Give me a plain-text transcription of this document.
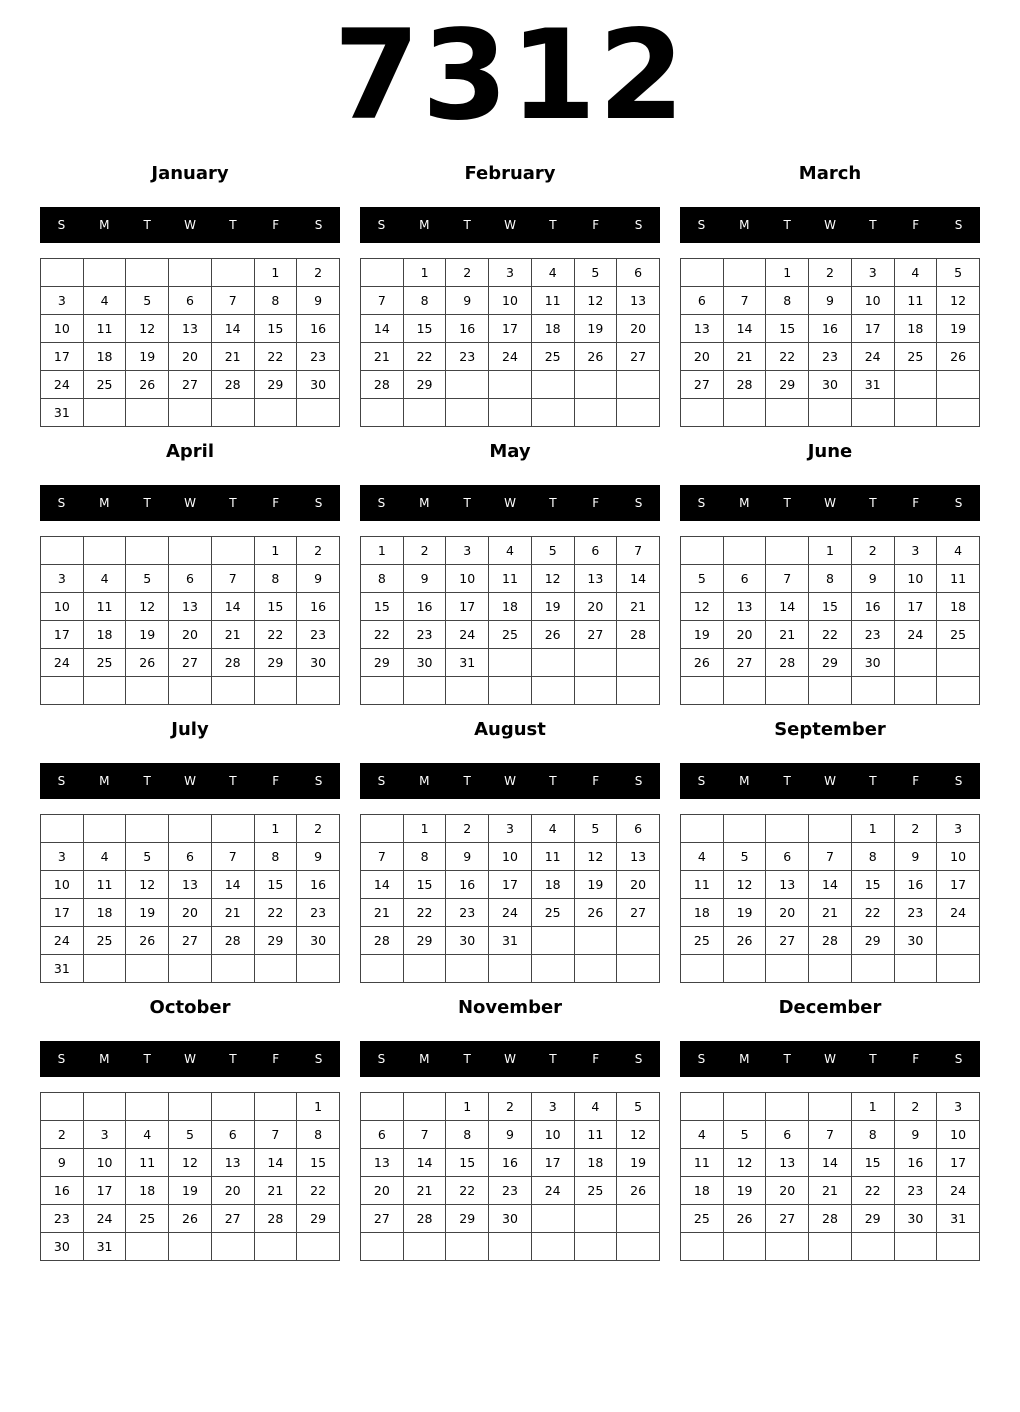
7312
January
S	M	T	W	T	F	S
					1	2
3	4	5	6	7	8	9
10	11	12	13	14	15	16
17	18	19	20	21	22	23
24	25	26	27	28	29	30
31						
February
S	M	T	W	T	F	S
	1	2	3	4	5	6
7	8	9	10	11	12	13
14	15	16	17	18	19	20
21	22	23	24	25	26	27
28	29					

March
S	M	T	W	T	F	S
		1	2	3	4	5
6	7	8	9	10	11	12
13	14	15	16	17	18	19
20	21	22	23	24	25	26
27	28	29	30	31		

April
S	M	T	W	T	F	S
					1	2
3	4	5	6	7	8	9
10	11	12	13	14	15	16
17	18	19	20	21	22	23
24	25	26	27	28	29	30

May
S	M	T	W	T	F	S
1	2	3	4	5	6	7
8	9	10	11	12	13	14
15	16	17	18	19	20	21
22	23	24	25	26	27	28
29	30	31				

June
S	M	T	W	T	F	S
			1	2	3	4
5	6	7	8	9	10	11
12	13	14	15	16	17	18
19	20	21	22	23	24	25
26	27	28	29	30		

July
S	M	T	W	T	F	S
					1	2
3	4	5	6	7	8	9
10	11	12	13	14	15	16
17	18	19	20	21	22	23
24	25	26	27	28	29	30
31						
August
S	M	T	W	T	F	S
	1	2	3	4	5	6
7	8	9	10	11	12	13
14	15	16	17	18	19	20
21	22	23	24	25	26	27
28	29	30	31			

September
S	M	T	W	T	F	S
				1	2	3
4	5	6	7	8	9	10
11	12	13	14	15	16	17
18	19	20	21	22	23	24
25	26	27	28	29	30	

October
S	M	T	W	T	F	S
						1
2	3	4	5	6	7	8
9	10	11	12	13	14	15
16	17	18	19	20	21	22
23	24	25	26	27	28	29
30	31					
November
S	M	T	W	T	F	S
		1	2	3	4	5
6	7	8	9	10	11	12
13	14	15	16	17	18	19
20	21	22	23	24	25	26
27	28	29	30			

December
S	M	T	W	T	F	S
				1	2	3
4	5	6	7	8	9	10
11	12	13	14	15	16	17
18	19	20	21	22	23	24
25	26	27	28	29	30	31
